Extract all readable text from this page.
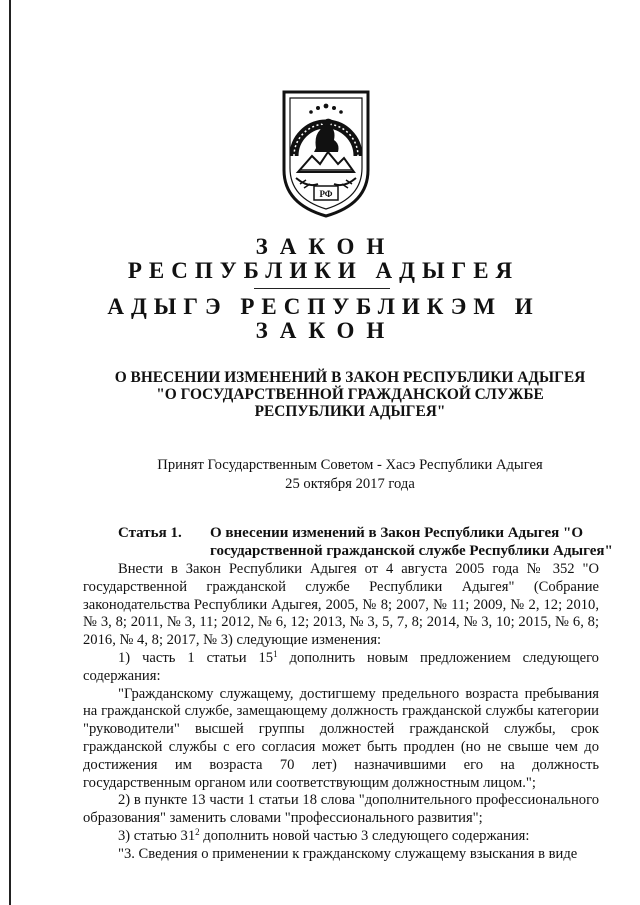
РФ
ЗАКОН
РЕСПУБЛИКИ АДЫГЕЯ
АДЫГЭ РЕСПУБЛИКЭМ И
ЗАКОН
О ВНЕСЕНИИ ИЗМЕНЕНИЙ В ЗАКОН РЕСПУБЛИКИ АДЫГЕЯ
"О ГОСУДАРСТВЕННОЙ ГРАЖДАНСКОЙ СЛУЖБЕ
РЕСПУБЛИКИ АДЫГЕЯ"
Принят Государственным Советом - Хасэ Республики Адыгея
25 октября 2017 года
Статья 1.	О внесении изменений в Закон Республики Адыгея "О государственной гражданской службе Республики Адыгея"

Внести в Закон Республики Адыгея от 4 августа 2005 года № 352 "О государственной гражданской службе Республики Адыгея" (Собрание законодательства Республики Адыгея, 2005, № 8; 2007, № 11; 2009, № 2, 12; 2010, № 3, 8; 2011, № 3, 11; 2012, № 6, 12; 2013, № 3, 5, 7, 8; 2014, № 3, 10; 2015, № 6, 8; 2016, № 4, 8; 2017, № 3) следующие изменения:

1) часть 1 статьи $15^1$ дополнить новым предложением следующего содержания:

"Гражданскому служащему, достигшему предельного возраста пребывания на гражданской службе, замещающему должность гражданской службы категории "руководители" высшей группы должностей гражданской службы, срок гражданской службы с его согласия может быть продлен (но не свыше чем до достижения им возраста 70 лет) назначившими его на должность государственным органом или соответствующим должностным лицом.";

2) в пункте 13 части 1 статьи 18 слова "дополнительного профессионального образования" заменить словами "профессионального развития";

3) статью $31^2$ дополнить новой частью 3 следующего содержания:

"3. Сведения о применении к гражданскому служащему взыскания в виде
